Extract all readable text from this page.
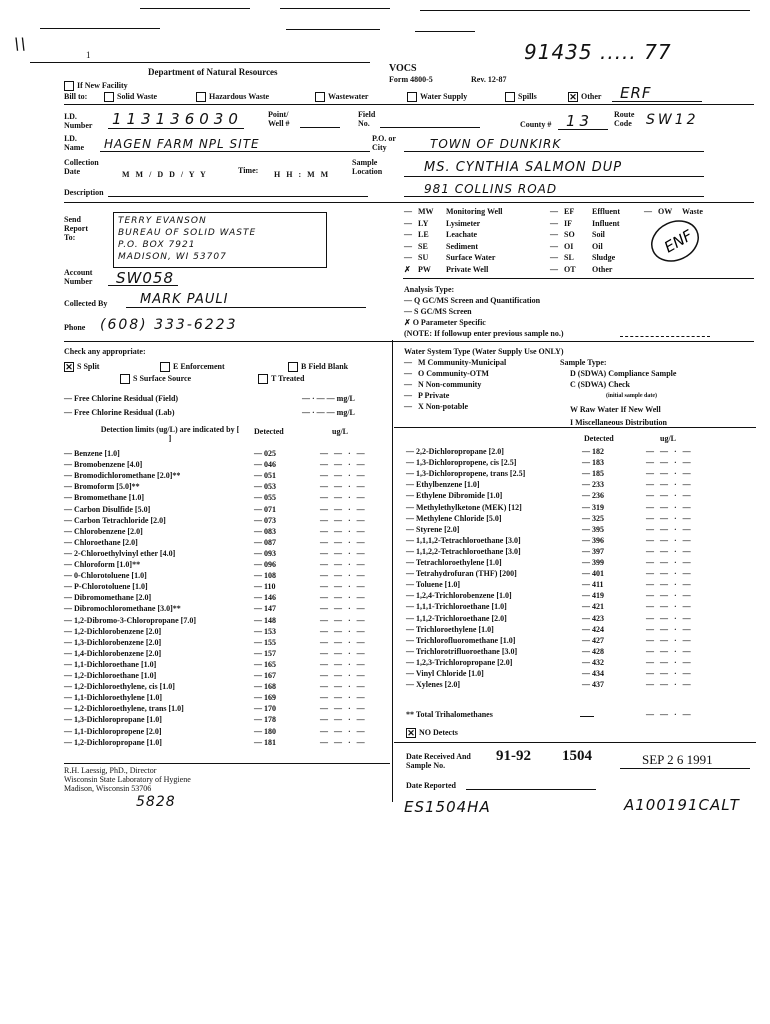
\\
1	91435 ..... 77
Department of Natural Resources	VOCS
Form 4800-5	Rev. 12-87
If New Facility
Bill to:	Solid Waste	Hazardous Waste	Wastewater	Water Supply	Spills	✕ Other ERF
I.D. Number	113136030	Point/ Well #
Field No.	County # 13	Route Code	SW12
I.D. Name	HAGEN FARM NPL SITE	P.O. or City	TOWN OF DUNKIRK
Collection Date	M M / D D / Y Y	Time: H H : M M
Sample Location	MS. CYNTHIA SALMON DUP
Description	981 COLLINS ROAD
Send Report To:
TERRY EVANSON
BUREAU OF SOLID WASTE
P.O. BOX 7921
MADISON, WI 53707
Account Number	SW058
Collected By	MARK PAULI
Phone (608) 333-6223
— MW Monitoring Well	— EF Effluent	— OW Waste
— LY Lysimeter	— IF	Influent
— LE Leachate	— SO Soil
— SE Sediment	— OI Oil
— SU Surface Water	— SL Sludge
✗ PW Private Well	— OT Other
ENF
Analysis Type:
— Q GC/MS Screen and Quantification
— S GC/MS Screen
✗ O Parameter Specific
(NOTE: If followup enter previous sample no.)
Check any appropriate:
✕ S Split	E Enforcement	B Field Blank
S Surface Source	T Treated
Water System Type (Water Supply Use ONLY)
Sample Type:
— M Community-Municipal
— O Community-OTM
— N Non-community
— P Private
— X Non-potable
D (SDWA) Compliance Sample
C (SDWA) Check
(initial sample date)
W Raw Water If New Well
I Miscellaneous Distribution
— Free Chlorine Residual (Field)
— Free Chlorine Residual (Lab)
— · — — mg/L
— · — — mg/L
Detection limits (ug/L) are indicated by [ ]
Detected	ug/L
Detected	ug/L
— Benzene [1.0]	— 025	— — · —
— Bromobenzene [4.0]	— 046	— — · —
— Bromodichloromethane [2.0]**	— 051	— — · —
— Bromoform [5.0]**	— 053	— — · —
— Bromomethane [1.0]	— 055	— — · —
— Carbon Disulfide [5.0]	— 071	— — · —
— Carbon Tetrachloride [2.0]	— 073	— — · —
— Chlorobenzene [2.0]	— 083	— — · —
— Chloroethane [2.0]	— 087	— — · —
— 2-Chloroethylvinyl ether [4.0]	— 093	— — · —
— Chloroform [1.0]**	— 096	— — · —
— 0-Chlorotoluene [1.0]	— 108	— — · —
— P-Chlorotoluene [1.0]	— 110	— — · —
— Dibromomethane [2.0]	— 146	— — · —
— Dibromochloromethane [3.0]**	— 147	— — · —
— 1,2-Dibromo-3-Chloropropane [7.0]	— 148	— — · —
— 1,2-Dichlorobenzene [2.0]	— 153	— — · —
— 1,3-Dichlorobenzene [2.0]	— 155	— — · —
— 1,4-Dichlorobenzene [2.0]	— 157	— — · —
— 1,1-Dichloroethane [1.0]	— 165	— — · —
— 1,2-Dichloroethane [1.0]	— 167	— — · —
— 1,2-Dichloroethylene, cis [1.0]	— 168	— — · —
— 1,1-Dichloroethylene [1.0]	— 169	— — · —
— 1,2-Dichloroethylene, trans [1.0]	— 170	— — · —
— 1,3-Dichloropropane [1.0]	— 178	— — · —
— 1,1-Dichloropropene [2.0]	— 180	— — · —
— 1,2-Dichloropropane [1.0]	— 181	— — · —
— 2,2-Dichloropropane [2.0]	— 182	— — · —
— 1,3-Dichloropropene, cis [2.5]	— 183	— — · —
— 1,3-Dichloropropene, trans [2.5]	— 185	— — · —
— Ethylbenzene [1.0]	— 233	— — · —
— Ethylene Dibromide [1.0]	— 236	— — · —
— Methylethylketone (MEK) [12]	— 319	— — · —
— Methylene Chloride [5.0]	— 325	— — · —
— Styrene [2.0]	— 395	— — · —
— 1,1,1,2-Tetrachloroethane [3.0]	— 396	— — · —
— 1,1,2,2-Tetrachloroethane [3.0]	— 397	— — · —
— Tetrachloroethylene [1.0]	— 399	— — · —
— Tetrahydrofuran (THF) [200]	— 401	— — · —
— Toluene [1.0]	— 411	— — · —
— 1,2,4-Trichlorobenzene [1.0]	— 419	— — · —
— 1,1,1-Trichloroethane [1.0]	— 421	— — · —
— 1,1,2-Trichloroethane [2.0]	— 423	— — · —
— Trichloroethylene [1.0]	— 424	— — · —
— Trichlorofluoromethane [1.0]	— 427	— — · —
— Trichlorotrifluoroethane [3.0]	— 428	— — · —
— 1,2,3-Trichloropropane [2.0]	— 432	— — · —
— Vinyl Chloride [1.0]	— 434	— — · —
— Xylenes [2.0]	— 437	— — · —
** Total Trihalomethanes	— — · —
✕ NO Detects
Date Received And Sample No.
91-92 1504	SEP 2 6 1991
Date Reported
R.H. Laessig, PhD., Director
Wisconsin State Laboratory of Hygiene
Madison, Wisconsin 53706
5828	ES1504HA	A100191CALT
